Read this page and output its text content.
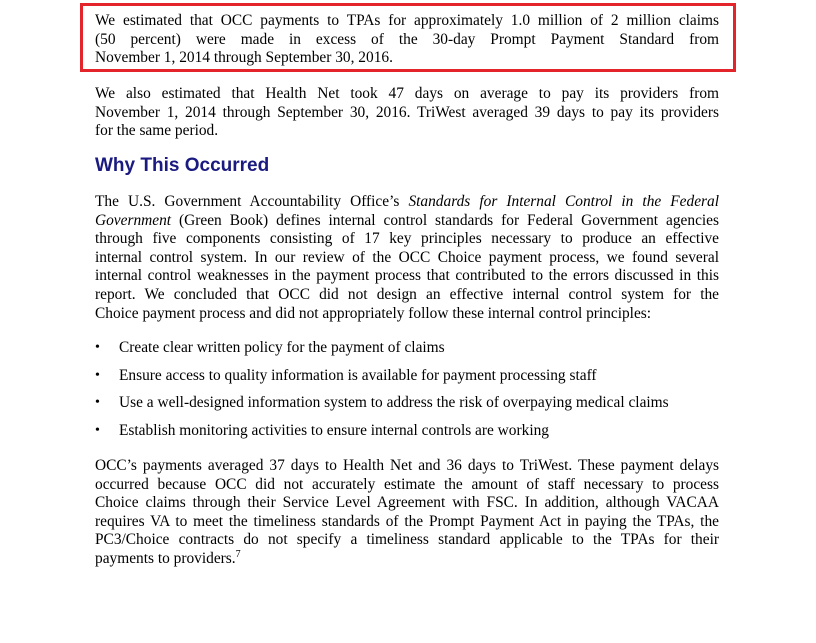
We estimated that OCC payments to TPAs for approximately 1.0 million of 2 million claims
(50 percent) were made in excess of the 30-day Prompt Payment Standard from
November 1, 2014 through September 30, 2016.
We also estimated that Health Net took 47 days on average to pay its providers from
November 1, 2014 through September 30, 2016. TriWest averaged 39 days to pay its providers
for the same period.
Why This Occurred
The U.S. Government Accountability Office’s Standards for Internal Control in the Federal
Government (Green Book) defines internal control standards for Federal Government agencies
through five components consisting of 17 key principles necessary to produce an effective
internal control system. In our review of the OCC Choice payment process, we found several
internal control weaknesses in the payment process that contributed to the errors discussed in this
report. We concluded that OCC did not design an effective internal control system for the
Choice payment process and did not appropriately follow these internal control principles:
• Create clear written policy for the payment of claims
• Ensure access to quality information is available for payment processing staff
• Use a well-designed information system to address the risk of overpaying medical claims
• Establish monitoring activities to ensure internal controls are working
OCC’s payments averaged 37 days to Health Net and 36 days to TriWest. These payment delays
occurred because OCC did not accurately estimate the amount of staff necessary to process
Choice claims through their Service Level Agreement with FSC. In addition, although VACAA
requires VA to meet the timeliness standards of the Prompt Payment Act in paying the TPAs, the
PC3/Choice contracts do not specify a timeliness standard applicable to the TPAs for their
payments to providers.$^7$
